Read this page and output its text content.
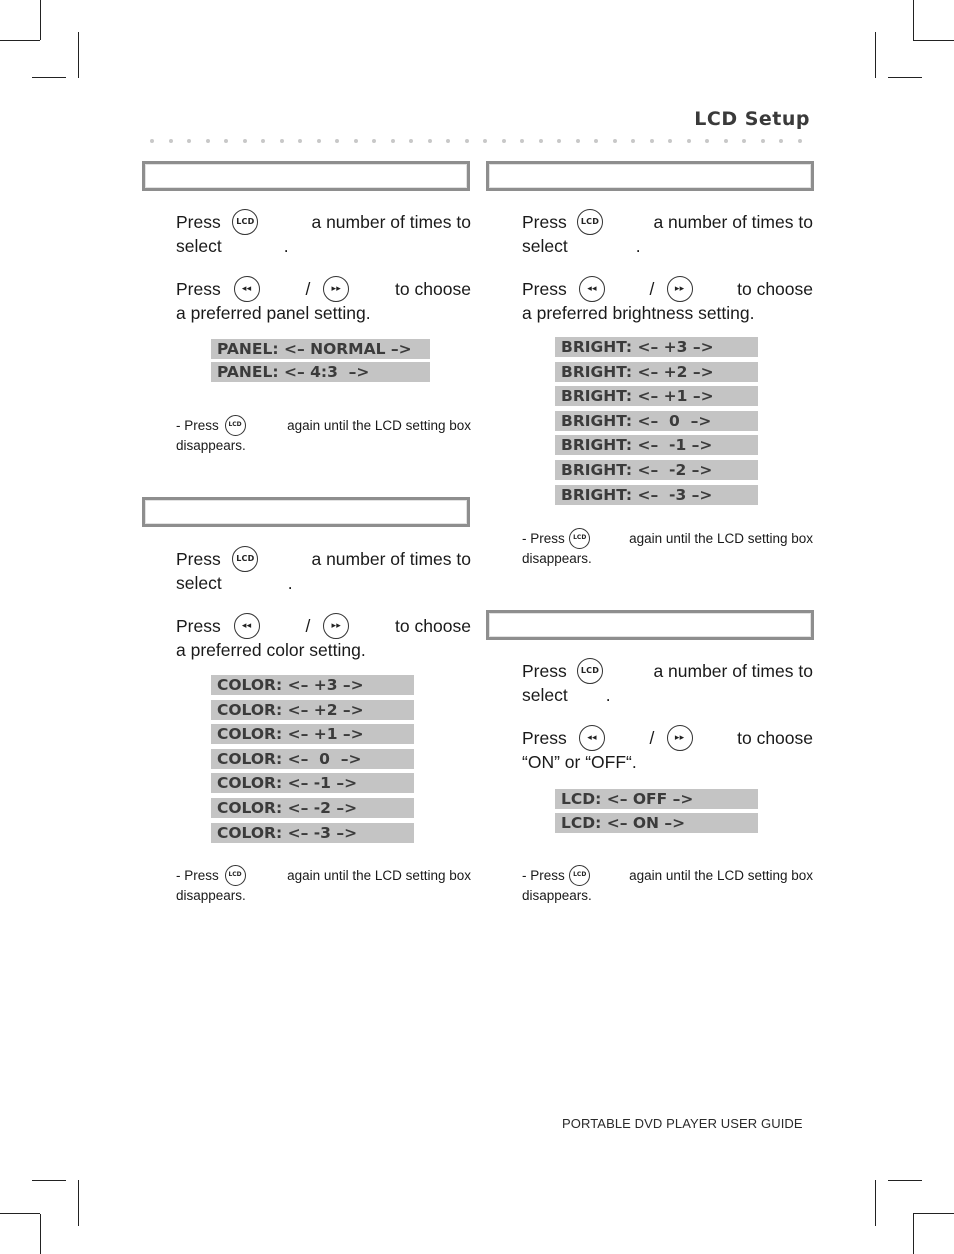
LCD Setup
Press	LCD	a number of times to
select	.
Press	◂◂	/	▸▸	to choose
a preferred panel setting.
PANEL: <– NORMAL –>
PANEL: <– 4:3  –>
- Press	LCD	again until the LCD setting box
disappears.
Press	LCD	a number of times to
select	.
Press	◂◂	/	▸▸	to choose
a preferred color setting.
COLOR: <– +3 –>
COLOR: <– +2 –>
COLOR: <– +1 –>
COLOR: <–  0  –>
COLOR: <– -1 –>
COLOR: <– -2 –>
COLOR: <– -3 –>
- Press	LCD	again until the LCD setting box
disappears.
Press	LCD	a number of times to
select	.
Press	◂◂	/	▸▸	to choose
a preferred brightness setting.
BRIGHT: <– +3 –>
BRIGHT: <– +2 –>
BRIGHT: <– +1 –>
BRIGHT: <–  0  –>
BRIGHT: <–  -1 –>
BRIGHT: <–  -2 –>
BRIGHT: <–  -3 –>
- Press	LCD	again until the LCD setting box
disappears.
Press	LCD	a number of times to
select .
Press	◂◂	/	▸▸	to choose
“ON” or “OFF“.
LCD: <– OFF –>
LCD: <– ON –>
- Press	LCD	again until the LCD setting box
disappears.
PORTABLE DVD PLAYER USER GUIDE
